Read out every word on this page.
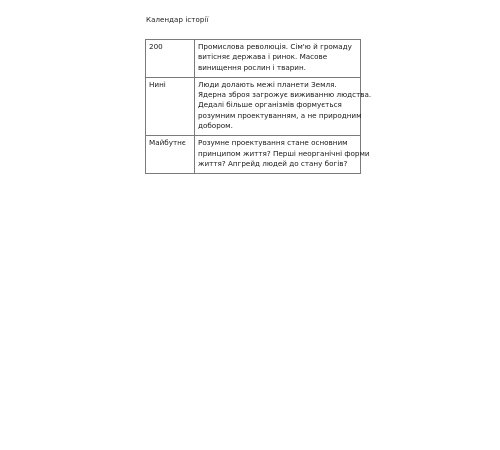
Календар історії
200	Промислова революція. Сім'ю й громаду
витісняє держава і ринок. Масове
винищення рослин і тварин.

Нині	Люди долають межі планети Земля.
Ядерна зброя загрожує виживанню людства.
Дедалі більше організмів формується
розумним проектуванням, а не природним
добором.

Майбутнє	Розумне проектування стане основним
принципом життя? Перші неорганічні форми
життя? Апгрейд людей до стану богів?
